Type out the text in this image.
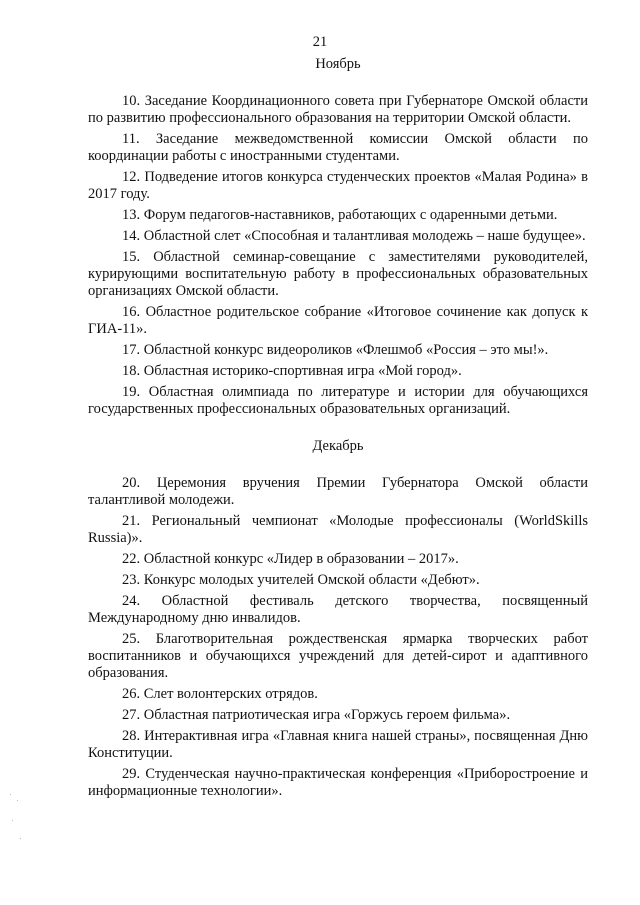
21
Ноябрь

10. Заседание Координационного совета при Губернаторе Омской области по развитию профессионального образования на территории Омской области.

11. Заседание межведомственной комиссии Омской области по координации работы с иностранными студентами.

12. Подведение итогов конкурса студенческих проектов «Малая Родина» в 2017 году.

13. Форум педагогов-наставников, работающих с одаренными детьми.

14. Областной слет «Способная и талантливая молодежь – наше будущее».

15. Областной семинар-совещание с заместителями руководителей, курирующими воспитательную работу в профессиональных образовательных организациях Омской области.

16. Областное родительское собрание «Итоговое сочинение как допуск к ГИА-11».

17. Областной конкурс видеороликов «Флешмоб «Россия – это мы!».

18. Областная историко-спортивная игра «Мой город».

19. Областная олимпиада по литературе и истории для обучающихся государственных профессиональных образовательных организаций.

Декабрь

20. Церемония вручения Премии Губернатора Омской области талантливой молодежи.

21. Региональный чемпионат «Молодые профессионалы (WorldSkills Russia)».

22. Областной конкурс «Лидер в образовании – 2017».

23. Конкурс молодых учителей Омской области «Дебют».

24. Областной фестиваль детского творчества, посвященный Международному дню инвалидов.

25. Благотворительная рождественская ярмарка творческих работ воспитанников и обучающихся учреждений для детей-сирот и адаптивного образования.

26. Слет волонтерских отрядов.

27. Областная патриотическая игра «Горжусь героем фильма».

28. Интерактивная игра «Главная книга нашей страны», посвященная Дню Конституции.

29. Студенческая научно-практическая конференция «Приборостроение и информационные технологии».
